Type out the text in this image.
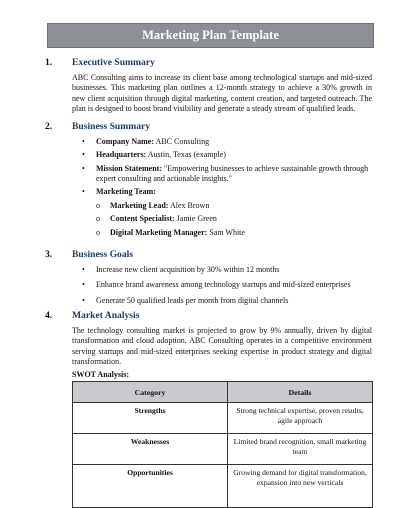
Marketing Plan Template
1. Executive Summary
ABC Consulting aims to increase its client base among technological startups and mid-sized businesses. This marketing plan outlines a 12-month strategy to achieve a 30% growth in new client acquisition through digital marketing, content creation, and targeted outreach. The plan is designed to boost brand visibility and generate a steady stream of qualified leads.
2. Business Summary
• Company Name: ABC Consulting
• Headquarters: Austin, Texas (example)
• Mission Statement: "Empowering businesses to achieve sustainable growth through expert consulting and actionable insights."
• Marketing Team:
o Marketing Lead: Alex Brown
o Content Specialist: Jamie Green
o Digital Marketing Manager: Sam White
3. Business Goals
• Increase new client acquisition by 30% within 12 months
• Enhance brand awareness among technology startups and mid-sized enterprises
• Generate 50 qualified leads per month from digital channels
4. Market Analysis
The technology consulting market is projected to grow by 9% annually, driven by digital transformation and cloud adoption. ABC Consulting operates in a competitive environment serving startups and mid-sized enterprises seeking expertise in product strategy and digital transformation.
SWOT Analysis:
Category	Details
Strengths	Strong technical expertise, proven results, agile approach
Weaknesses	Limited brand recognition, small marketing team
Opportunities	Growing demand for digital transformation, expansion into new verticals
